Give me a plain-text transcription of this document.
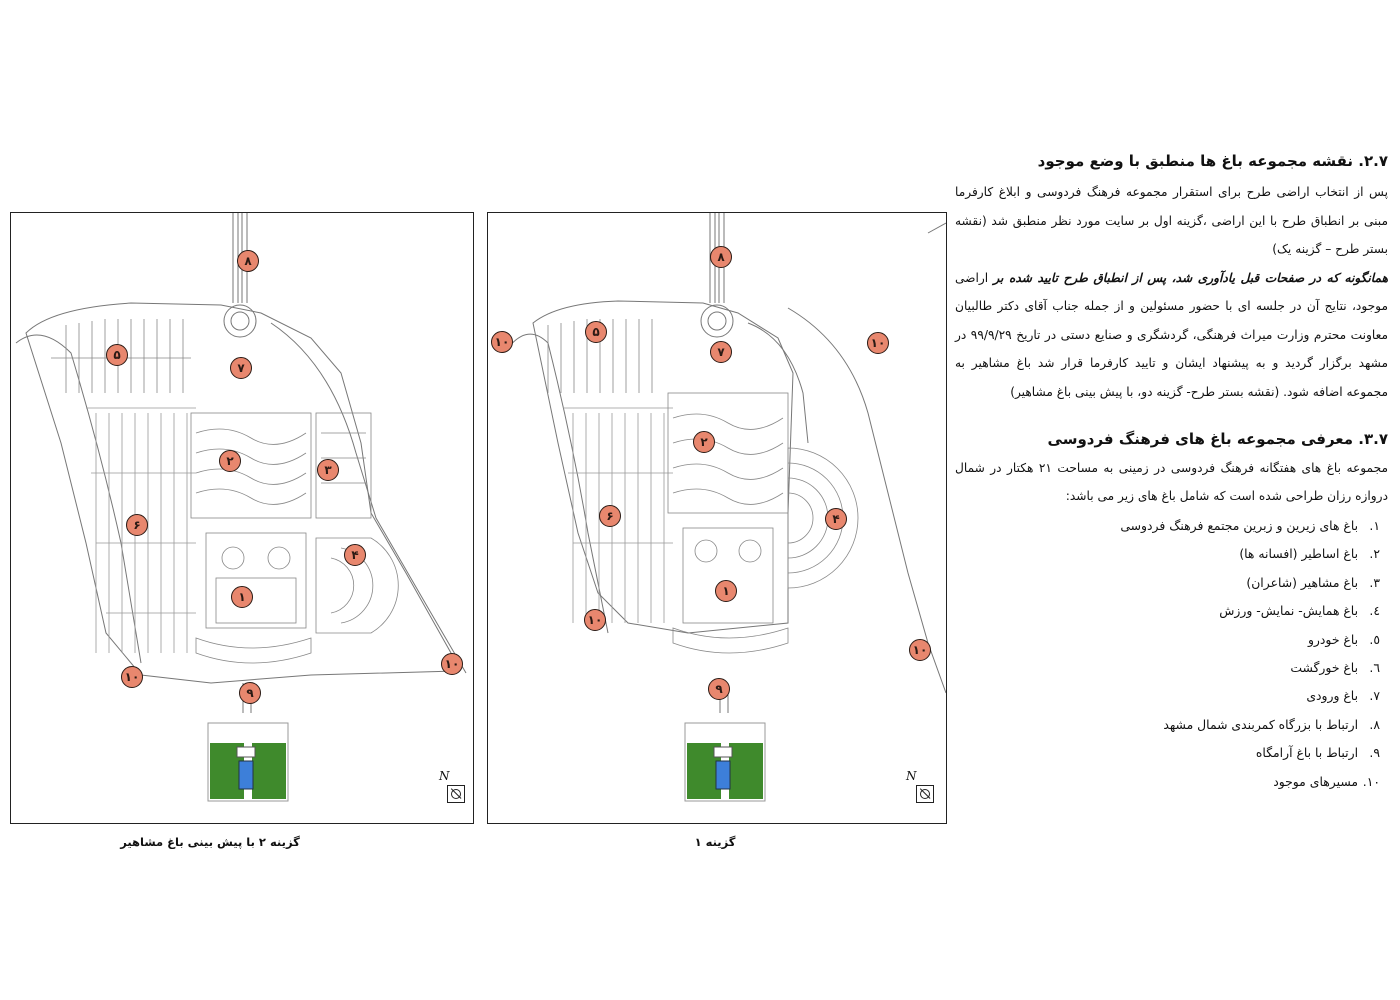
۲.۷. نقشه مجموعه باغ ها منطبق با وضع موجود

پس از انتخاب اراضی طرح برای استقرار مجموعه فرهنگ فردوسی و ابلاغ کارفرما مبنی بر انطباق طرح با این اراضی ،گزینه اول بر سایت مورد نظر منطبق شد (نقشه بستر طرح – گزینه یک)
همانگونه که در صفحات قبل یادآوری شد، پس از انطباق طرح تایید شده بر اراضی موجود، نتایج آن در جلسه ای با حضور مسئولین و از جمله جناب آقای دکتر طالبیان معاونت محترم وزارت میراث فرهنگی، گردشگری و صنایع دستی در تاریخ ۹۹/۹/۲۹ در مشهد برگزار گردید و به پیشنهاد ایشان و تایید کارفرما قرار شد باغ مشاهیر به مجموعه اضافه شود. (نقشه بستر طرح- گزینه دو، با پیش بینی باغ مشاهیر)

۳.۷. معرفی مجموعه باغ های فرهنگ فردوسی

مجموعه باغ های هفتگانه فرهنگ فردوسی در زمینی به مساحت ۲۱ هکتار در شمال دروازه رزان طراحی شده است که شامل باغ های زیر می باشد:

۱. باغ های زیرین و زبرین مجتمع فرهنگ فردوسی
۲. باغ اساطیر (افسانه ها)
۳. باغ مشاهیر (شاعران)
٤. باغ همایش- نمایش- ورزش
٥. باغ خودرو
٦. باغ خورگشت
٧. باغ ورودی
٨. ارتباط با بزرگاه کمربندی شمال مشهد
٩. ارتباط با باغ آرامگاه
١٠. مسیرهای موجود
۸
۷
۵
۲
۳
۶
۴
۱
۹
۱۰
۱۰
N
۸
۷
۵
۱۰	۱۰
۲
۶	۴
۱
۱۰
۱۰
۹
N
گزینه ۲ با پیش بینی باغ مشاهیر	گزینه ۱
